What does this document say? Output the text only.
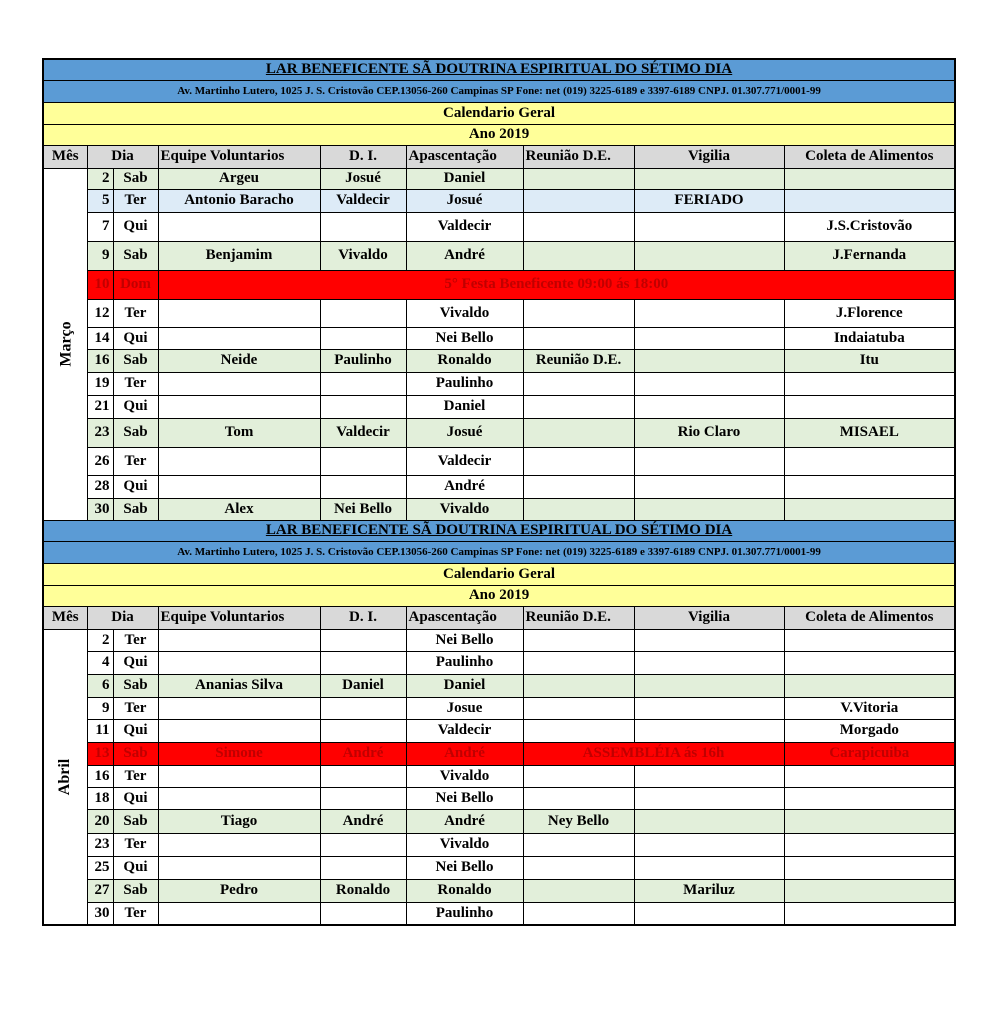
LAR BENEFICENTE SÃ DOUTRINA ESPIRITUAL DO SÉTIMO DIA								
Av. Martinho Lutero, 1025 J. S. Cristovão CEP.13056-260 Campinas SP Fone: net (019) 3225-6189 e 3397-6189 CNPJ. 01.307.771/0001-99								
Calendario Geral								
Ano 2019								
Mês	Dia		Equipe Voluntarios	D. I.	Apascentação	Reunião D.E.	Vigilia	Coleta de Alimentos
Março	2	Sab	Argeu	Josué	Daniel			
	5	Ter	Antonio Baracho	Valdecir	Josué		FERIADO	
	7	Qui			Valdecir			J.S.Cristovão
	9	Sab	Benjamim	Vivaldo	André			J.Fernanda
	10	Dom	5° Festa Beneficente 09:00 ás 18:00					
	12	Ter			Vivaldo			J.Florence
	14	Qui			Nei Bello			Indaiatuba
	16	Sab	Neide	Paulinho	Ronaldo	Reunião D.E.		Itu
	19	Ter			Paulinho			
	21	Qui			Daniel			
	23	Sab	Tom	Valdecir	Josué		Rio Claro	MISAEL
	26	Ter			Valdecir			
	28	Qui			André			
	30	Sab	Alex	Nei Bello	Vivaldo			
LAR BENEFICENTE SÃ DOUTRINA ESPIRITUAL DO SÉTIMO DIA								
Av. Martinho Lutero, 1025 J. S. Cristovão CEP.13056-260 Campinas SP Fone: net (019) 3225-6189 e 3397-6189 CNPJ. 01.307.771/0001-99								
Calendario Geral								
Ano 2019								
Mês	Dia		Equipe Voluntarios	D. I.	Apascentação	Reunião D.E.	Vigilia	Coleta de Alimentos
Abril	2	Ter			Nei Bello			
	4	Qui			Paulinho			
	6	Sab	Ananias Silva	Daniel	Daniel			
	9	Ter			Josue			V.Vitoria
	11	Qui			Valdecir			Morgado
	13	Sab	Simone	André	André	ASSEMBLÉIA ás 16h		Carapicuiba
	16	Ter			Vivaldo			
	18	Qui			Nei Bello			
	20	Sab	Tiago	André	André	Ney Bello		
	23	Ter			Vivaldo			
	25	Qui			Nei Bello			
	27	Sab	Pedro	Ronaldo	Ronaldo		Mariluz	
	30	Ter			Paulinho			
